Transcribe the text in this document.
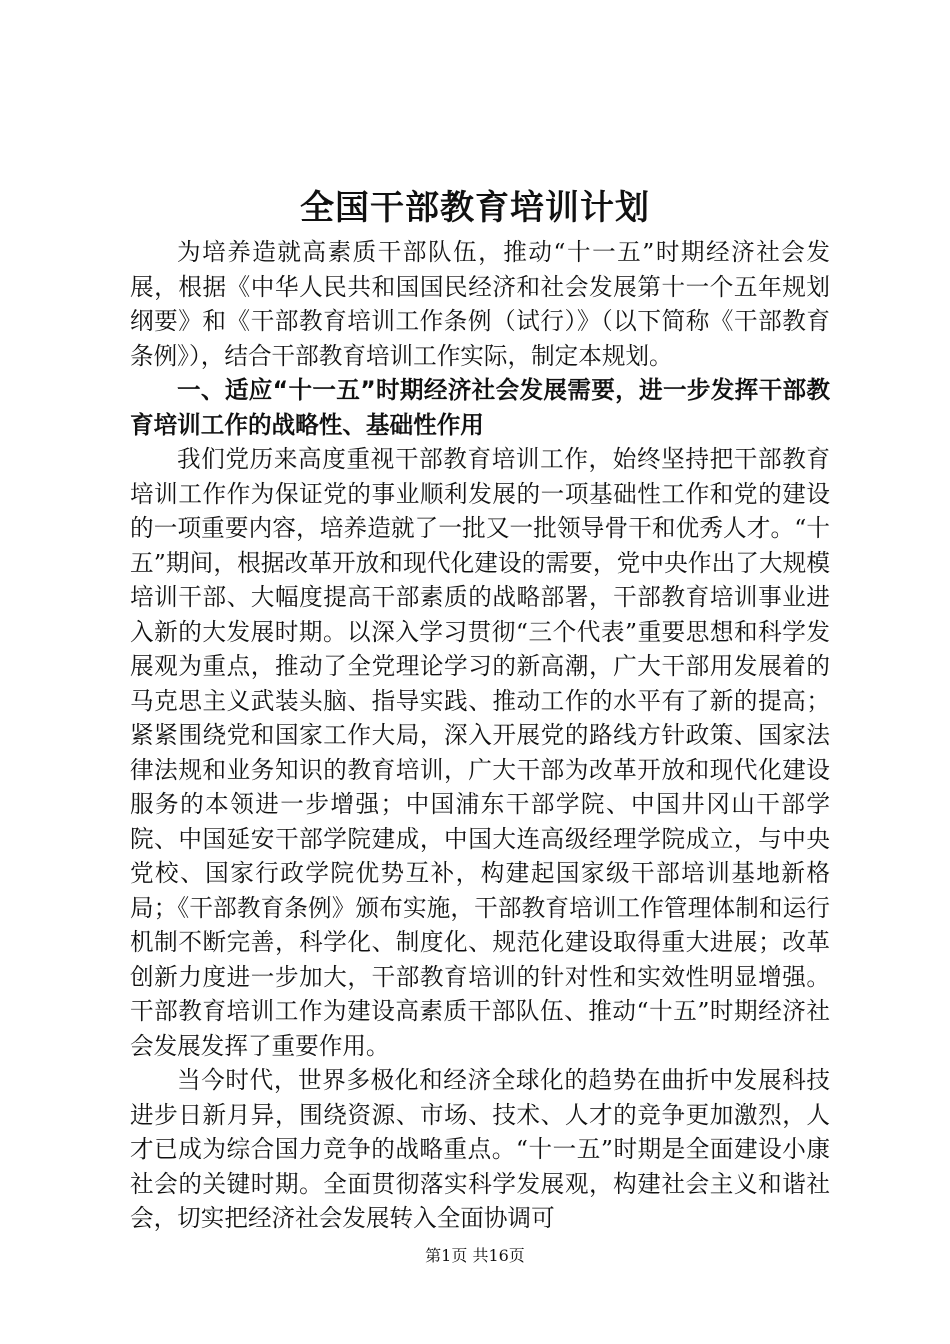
全国干部教育培训计划

为培养造就高素质干部队伍，推动“十一五”时期经济社会发展，根据《中华人民共和国国民经济和社会发展第十一个五年规划纲要》和《干部教育培训工作条例（试行）》（以下简称《干部教育条例》），结合干部教育培训工作实际，制定本规划。

一、适应“十一五”时期经济社会发展需要，进一步发挥干部教育培训工作的战略性、基础性作用

我们党历来高度重视干部教育培训工作，始终坚持把干部教育培训工作作为保证党的事业顺利发展的一项基础性工作和党的建设的一项重要内容，培养造就了一批又一批领导骨干和优秀人才。“十五”期间，根据改革开放和现代化建设的需要，党中央作出了大规模培训干部、大幅度提高干部素质的战略部署，干部教育培训事业进入新的大发展时期。以深入学习贯彻“三个代表”重要思想和科学发展观为重点，推动了全党理论学习的新高潮，广大干部用发展着的马克思主义武装头脑、指导实践、推动工作的水平有了新的提高；紧紧围绕党和国家工作大局，深入开展党的路线方针政策、国家法律法规和业务知识的教育培训，广大干部为改革开放和现代化建设服务的本领进一步增强；中国浦东干部学院、中国井冈山干部学院、中国延安干部学院建成，中国大连高级经理学院成立，与中央党校、国家行政学院优势互补，构建起国家级干部培训基地新格局；《干部教育条例》颁布实施，干部教育培训工作管理体制和运行机制不断完善，科学化、制度化、规范化建设取得重大进展；改革创新力度进一步加大，干部教育培训的针对性和实效性明显增强。干部教育培训工作为建设高素质干部队伍、推动“十五”时期经济社会发展发挥了重要作用。

当今时代，世界多极化和经济全球化的趋势在曲折中发展科技进步日新月异，围绕资源、市场、技术、人才的竞争更加激烈，人才已成为综合国力竞争的战略重点。“十一五”时期是全面建设小康社会的关键时期。全面贯彻落实科学发展观，构建社会主义和谐社会，切实把经济社会发展转入全面协调可

第1页 共16页
